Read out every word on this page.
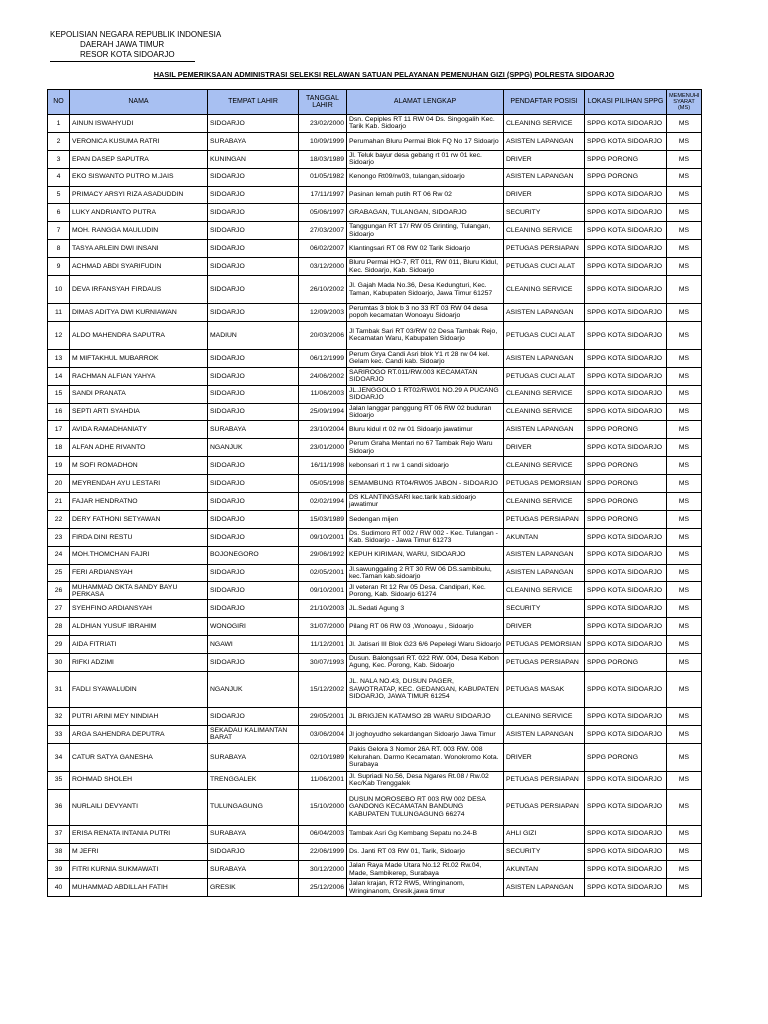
KEPOLISIAN NEGARA REPUBLIK INDONESIA
DAERAH JAWA TIMUR
RESOR KOTA SIDOARJO
HASIL PEMERIKSAAN ADMINISTRASI SELEKSI RELAWAN SATUAN PELAYANAN PEMENUHAN GIZI (SPPG) POLRESTA SIDOARJO
NO	NAMA	TEMPAT LAHIR	TANGGAL LAHIR	ALAMAT LENGKAP	PENDAFTAR POSISI	LOKASI PILIHAN SPPG	MEMENUHI SYARAT (MS)
1	AINUN ISWAHYUDI	SIDOARJO	23/02/2000	Dsn. Cepiples RT 11 RW 04 Ds. Singogalih Kec. Tarik Kab. Sidoarjo	CLEANING SERVICE	SPPG KOTA SIDOARJO	MS
2	VERONICA KUSUMA RATRI	SURABAYA	10/09/1999	Perumahan Bluru Permai Blok FQ No 17 Sidoarjo	ASISTEN LAPANGAN	SPPG KOTA SIDOARJO	MS
3	EPAN DASEP SAPUTRA	KUNINGAN	18/03/1989	Jl. Teluk bayur desa gebang rt 01 rw 01 kec. Sidoarjo	DRIVER	SPPG PORONG	MS
4	EKO SISWANTO PUTRO M.JAIS	SIDOARJO	01/05/1982	Kenongo Rt09/rw03, tulangan,sidoarjo	ASISTEN LAPANGAN	SPPG PORONG	MS
5	PRIMACY ARSYI RIZA ASADUDDIN	SIDOARJO	17/11/1997	Pasinan lemah putih RT 06 Rw 02	DRIVER	SPPG KOTA SIDOARJO	MS
6	LUKY ANDRIANTO PUTRA	SIDOARJO	05/06/1997	GRABAGAN, TULANGAN, SIDOARJO	SECURITY	SPPG KOTA SIDOARJO	MS
7	MOH. RANGGA MAULUDIN	SIDOARJO	27/03/2007	Tanggungan RT 17/ RW 05 Grinting, Tulangan, Sidoarjo	CLEANING SERVICE	SPPG KOTA SIDOARJO	MS
8	TASYA ARLEIN DWI INSANI	SIDOARJO	06/02/2007	Klantingsari RT 08 RW 02 Tarik Sidoarjo	PETUGAS PERSIAPAN	SPPG KOTA SIDOARJO	MS
9	ACHMAD ABDI SYARIFUDIN	SIDOARJO	03/12/2000	Bluru Permai HO-7, RT 011, RW 011, Bluru Kidul, Kec. Sidoarjo, Kab. Sidoarjo	PETUGAS CUCI ALAT	SPPG KOTA SIDOARJO	MS
10	DEVA IRFANSYAH FIRDAUS	SIDOARJO	26/10/2002	Jl. Gajah Mada No.36, Desa Kedungturi, Kec. Taman, Kabupaten Sidoarjo, Jawa Timur 61257	CLEANING SERVICE	SPPG KOTA SIDOARJO	MS
11	DIMAS ADITYA DWI KURNIAWAN	SIDOARJO	12/09/2003	Perumtas 3 blok b 3 no 33 RT 03 RW 04 desa popoh kecamatan Wonoayu Sidoarjo	ASISTEN LAPANGAN	SPPG KOTA SIDOARJO	MS
12	ALDO MAHENDRA SAPUTRA	MADIUN	20/03/2006	Jl Tambak Sari RT 03/RW 02 Desa Tambak Rejo, Kecamatan Waru, Kabupaten Sidoarjo	PETUGAS CUCI ALAT	SPPG KOTA SIDOARJO	MS
13	M MIFTAKHUL MUBARROK	SIDOARJO	06/12/1999	Perum Grya Candi Asri blok Y1 rt 28 rw 04 kel. Gelam kec. Candi kab. Sidoarjo	ASISTEN LAPANGAN	SPPG KOTA SIDOARJO	MS
14	RACHMAN ALFIAN YAHYA	SIDOARJO	24/06/2002	SARIROGO RT.011/RW.003 KECAMATAN SIDOARJO	PETUGAS CUCI ALAT	SPPG KOTA SIDOARJO	MS
15	SANDI PRANATA	SIDOARJO	11/06/2003	JL.JENGGOLO 1 RT02/RW01 NO.29 A PUCANG SIDOARJO	CLEANING SERVICE	SPPG KOTA SIDOARJO	MS
16	SEPTI ARTI SYAHDIA	SIDOARJO	25/09/1994	Jalan langgar panggung RT 06 RW 02 buduran Sidoarjo	CLEANING SERVICE	SPPG KOTA SIDOARJO	MS
17	AVIDA RAMADHANIATY	SURABAYA	23/10/2004	Bluru kidul rt 02 rw 01 Sidoarjo jawatimur	ASISTEN LAPANGAN	SPPG PORONG	MS
18	ALFAN ADHE RIVANTO	NGANJUK	23/01/2000	Perum Graha Mentari no 67 Tambak Rejo Waru Sidoarjo	DRIVER	SPPG KOTA SIDOARJO	MS
19	M SOFI ROMADHON	SIDOARJO	16/11/1998	kebonsari rt 1 rw 1 candi sidoarjo	CLEANING SERVICE	SPPG PORONG	MS
20	MEYRENDAH AYU LESTARI	SIDOARJO	05/05/1998	SEMAMBUNG RT04/RW05 JABON - SIDOARJO	PETUGAS PEMORSIAN	SPPG PORONG	MS
21	FAJAR HENDRATNO	SIDOARJO	02/02/1994	DS KLANTINGSARI kec.tarik kab.sidoarjo jawatimur	CLEANING SERVICE	SPPG PORONG	MS
22	DERY FATHONI SETYAWAN	SIDOARJO	15/03/1989	Sedengan mijen	PETUGAS PERSIAPAN	SPPG PORONG	MS
23	FIRDA DINI RESTU	SIDOARJO	09/10/2001	Ds. Sudimoro RT 002 / RW 002 - Kec. Tulangan - Kab. Sidoarjo - Jawa Timur 61273	AKUNTAN	SPPG KOTA SIDOARJO	MS
24	MOH.THOMCHAN FAJRI	BOJONEGORO	29/06/1992	KEPUH KIRIMAN, WARU, SIDOARJO	ASISTEN LAPANGAN	SPPG KOTA SIDOARJO	MS
25	FERI ARDIANSYAH	SIDOARJO	02/05/2001	Jl.sawunggaling 2 RT 30 RW 06 DS.sambibulu, kec.Taman kab.sidoarjo	ASISTEN LAPANGAN	SPPG KOTA SIDOARJO	MS
26	MUHAMMAD OKTA SANDY BAYU PERKASA	SIDOARJO	09/10/2001	Jl veteran Rt 12 Rw 05 Desa. Candipari, Kec. Porong, Kab. Sidoarjo 61274	CLEANING SERVICE	SPPG KOTA SIDOARJO	MS
27	SYEHFINO ARDIANSYAH	SIDOARJO	21/10/2003	JL.Sedati Agung 3	SECURITY	SPPG KOTA SIDOARJO	MS
28	ALDHIAN YUSUF IBRAHIM	WONOGIRI	31/07/2000	Pilang RT 06 RW 03 ,Wonoayu , Sidoarjo	DRIVER	SPPG KOTA SIDOARJO	MS
29	AIDA FITRIATI	NGAWI	11/12/2001	Jl. Jatisari III Blok G23 6/6 Pepelegi Waru Sidoarjo	PETUGAS PEMORSIAN	SPPG KOTA SIDOARJO	MS
30	RIFKI ADZIMI	SIDOARJO	30/07/1993	Dusun. Balongsari RT. 022 RW. 004, Desa Kebon Agung, Kec. Porong, Kab. Sidoarjo	PETUGAS PERSIAPAN	SPPG PORONG	MS
31	FADLI SYAWALUDIN	NGANJUK	15/12/2002	JL. NALA NO.43, DUSUN PAGER, SAWOTRATAP, KEC. GEDANGAN, KABUPATEN SIDOARJO, JAWA TIMUR 61254	PETUGAS MASAK	SPPG KOTA SIDOARJO	MS
32	PUTRI ARINI MEY NINDIAH	SIDOARJO	29/05/2001	JL BRIGJEN KATAMSO 2B WARU SIDOARJO	CLEANING SERVICE	SPPG KOTA SIDOARJO	MS
33	ARGA SAHENDRA DEPUTRA	SEKADAU KALIMANTAN BARAT	03/06/2004	Jl joghoyudho sekardangan Sidoarjo Jawa Timur	ASISTEN LAPANGAN	SPPG KOTA SIDOARJO	MS
34	CATUR SATYA GANESHA	SURABAYA	02/10/1989	Pakis Gelora 3 Nomor 26A RT. 003 RW. 008 Kelurahan. Darmo Kecamatan. Wonokromo Kota. Surabaya	DRIVER	SPPG PORONG	MS
35	ROHMAD SHOLEH	TRENGGALEK	11/06/2001	Jl. Supriadi No.56, Desa Ngares Rt.08 / Rw.02 Kec/Kab Trenggalek	PETUGAS PERSIAPAN	SPPG KOTA SIDOARJO	MS
36	NURLAILI DEVYANTI	TULUNGAGUNG	15/10/2000	DUSUN MOROSEBO RT 003 RW 002 DESA GANDONG KECAMATAN BANDUNG KABUPATEN TULUNGAGUNG 66274	PETUGAS PERSIAPAN	SPPG KOTA SIDOARJO	MS
37	ERISA RENATA INTANIA PUTRI	SURABAYA	06/04/2003	Tambak Asri Gg Kembang Sepatu no.24-B	AHLI GIZI	SPPG KOTA SIDOARJO	MS
38	M JEFRI	SIDOARJO	22/06/1999	Ds. Janti RT 03 RW 01, Tarik, Sidoarjo	SECURITY	SPPG KOTA SIDOARJO	MS
39	FITRI KURNIA SUKMAWATI	SURABAYA	30/12/2000	Jalan Raya Made Utara No.12 Rt.02 Rw.04, Made, Sambikerep, Surabaya	AKUNTAN	SPPG KOTA SIDOARJO	MS
40	MUHAMMAD ABDILLAH FATIH	GRESIK	25/12/2006	Jalan krajan, RT2 RW5, Wringinanom, Wringinanom, Gresik,jawa timur	ASISTEN LAPANGAN	SPPG KOTA SIDOARJO	MS
